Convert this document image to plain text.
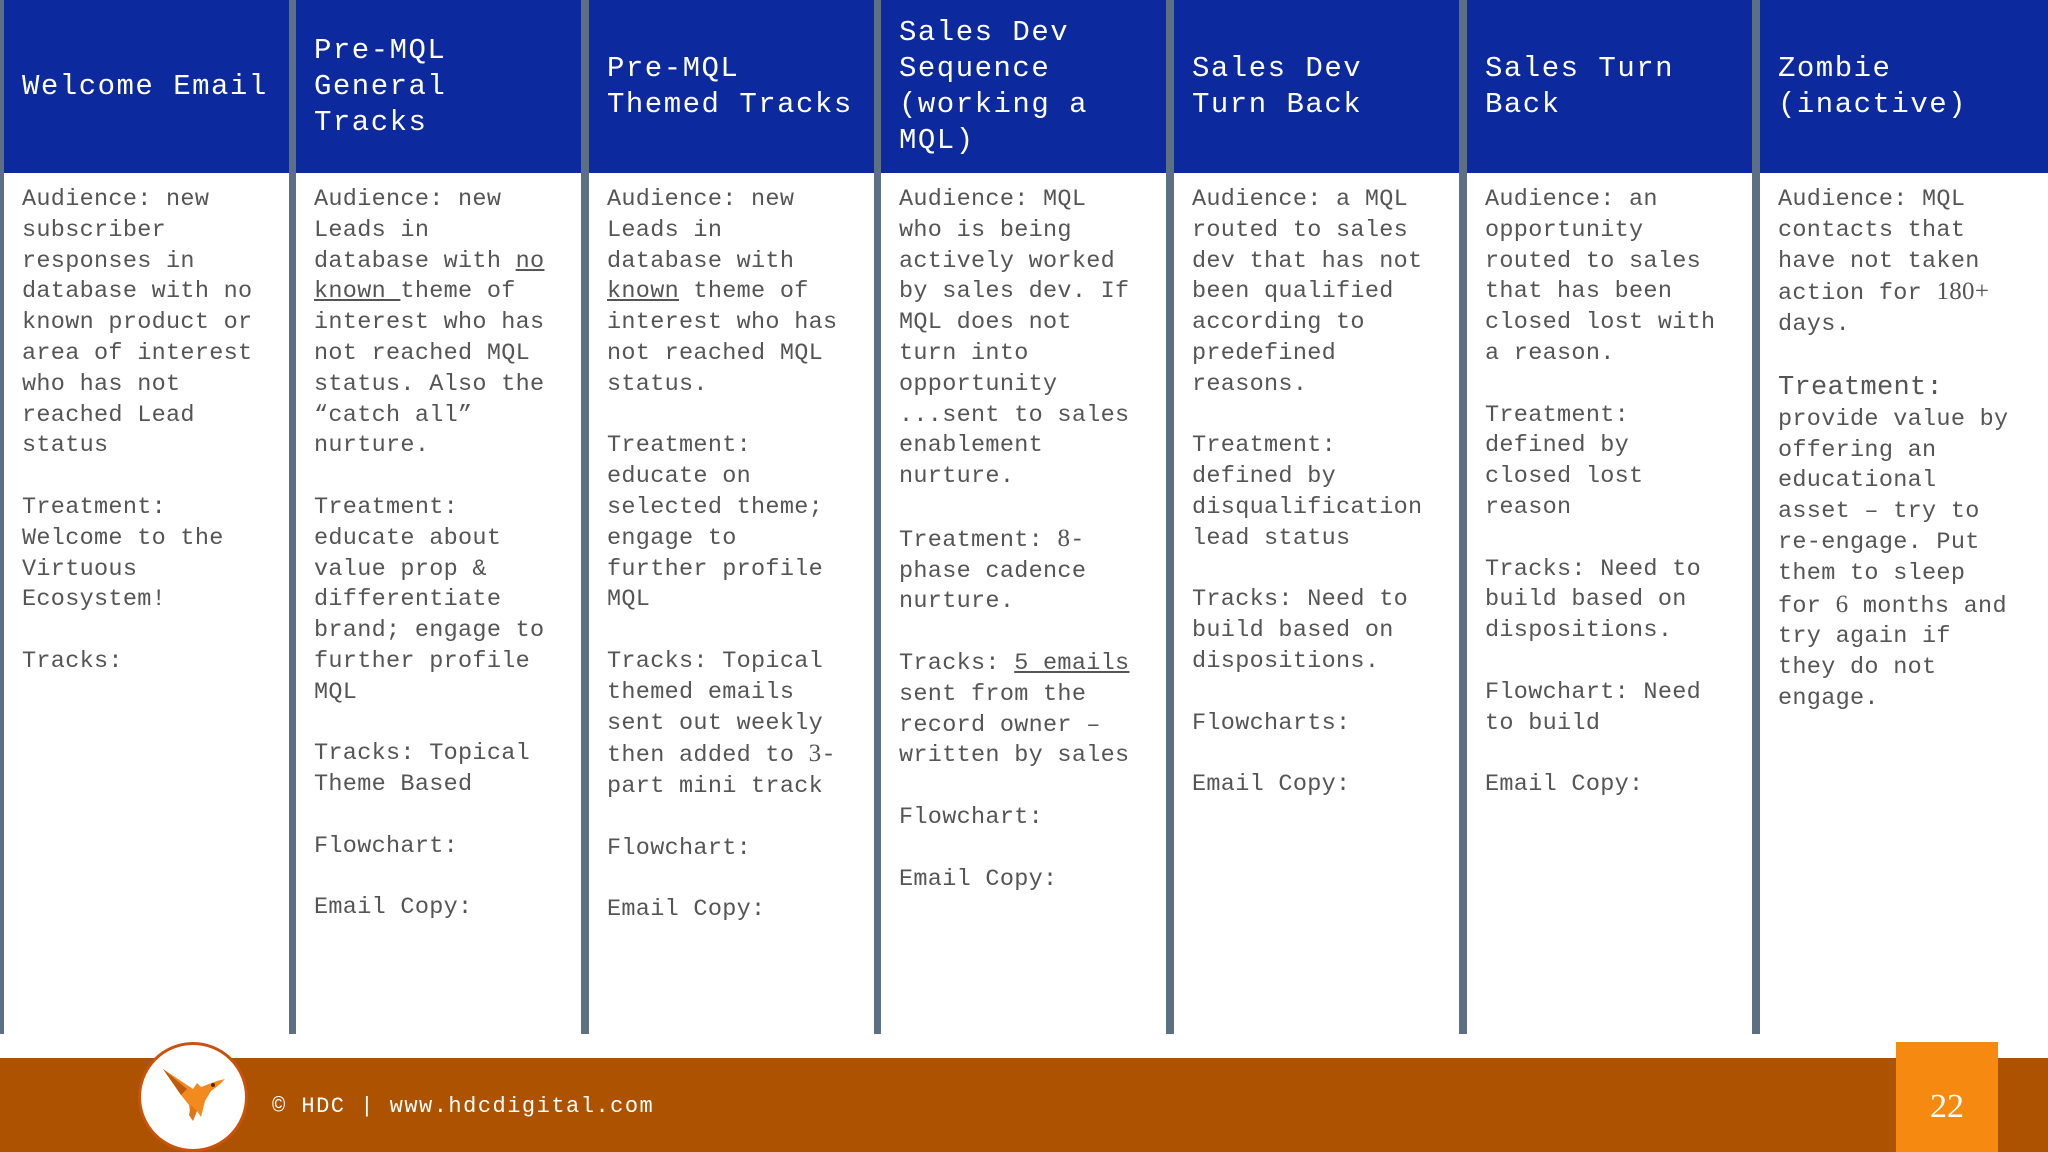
Welcome Email

Audience: new
subscriber
responses in
database with no
known product or
area of interest
who has not
reached Lead
status

Treatment:
Welcome to the
Virtuous
Ecosystem!

Tracks:

Pre-MQL General Tracks

Audience: new
Leads in
database with no
known theme of
interest who has
not reached MQL
status. Also the
“catch all”
nurture.

Treatment:
educate about
value prop &
differentiate
brand; engage to
further profile
MQL

Tracks: Topical
Theme Based

Flowchart:

Email Copy:

Pre-MQL Themed Tracks

Audience: new
Leads in
database with
known theme of
interest who has
not reached MQL
status.

Treatment:
educate on
selected theme;
engage to
further profile
MQL

Tracks: Topical
themed emails
sent out weekly
then added to 3-
part mini track

Flowchart:

Email Copy:

Sales Dev Sequence (working a MQL)

Audience: MQL
who is being
actively worked
by sales dev. If
MQL does not
turn into
opportunity
...sent to sales
enablement
nurture.

Treatment: 8-
phase cadence
nurture.

Tracks: 5 emails
sent from the
record owner –
written by sales

Flowchart:

Email Copy:

Sales Dev Turn Back

Audience: a MQL
routed to sales
dev that has not
been qualified
according to
predefined
reasons.

Treatment:
defined by
disqualification
lead status

Tracks: Need to
build based on
dispositions.

Flowcharts:

Email Copy:

Sales Turn Back

Audience: an
opportunity
routed to sales
that has been
closed lost with
a reason.

Treatment:
defined by
closed lost
reason

Tracks: Need to
build based on
dispositions.

Flowchart: Need
to build

Email Copy:

Zombie (inactive)

Audience: MQL
contacts that
have not taken
action for 180+
days.

Treatment:
provide value by
offering an
educational
asset – try to
re-engage. Put
them to sleep
for 6 months and
try again if
they do not
engage.

© HDC | www.hdcdigital.com	22
